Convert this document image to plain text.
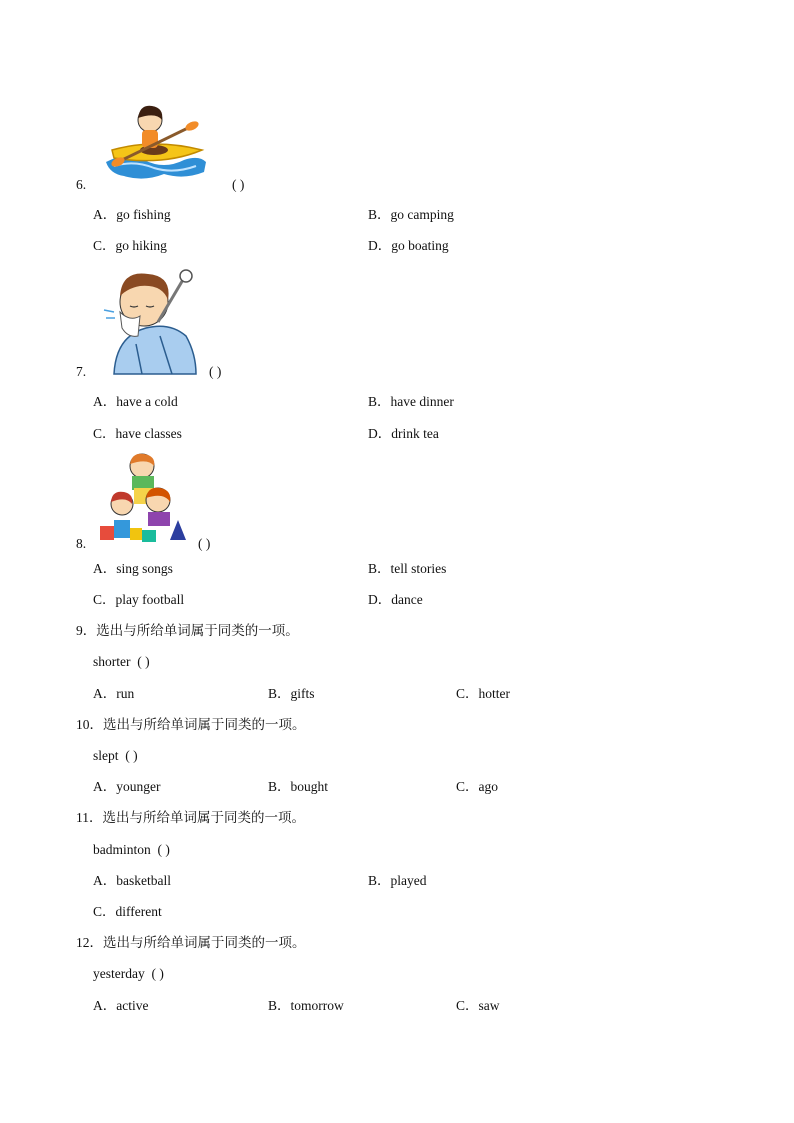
6.	( )
A．go fishing	B．go camping
C．go hiking	D．go boating
7.	( )
A．have a cold	B．have dinner
C．have classes	D．drink tea
8.	( )
A．sing songs	B．tell stories
C．play football	D．dance
9．选出与所给单词属于同类的一项。
shorter ( )
A．run	B．gifts	C．hotter
10．选出与所给单词属于同类的一项。
slept ( )
A．younger	B．bought	C．ago
11．选出与所给单词属于同类的一项。
badminton ( )
A．basketball	B．played
C．different
12．选出与所给单词属于同类的一项。
yesterday ( )
A．active	B．tomorrow	C．saw
